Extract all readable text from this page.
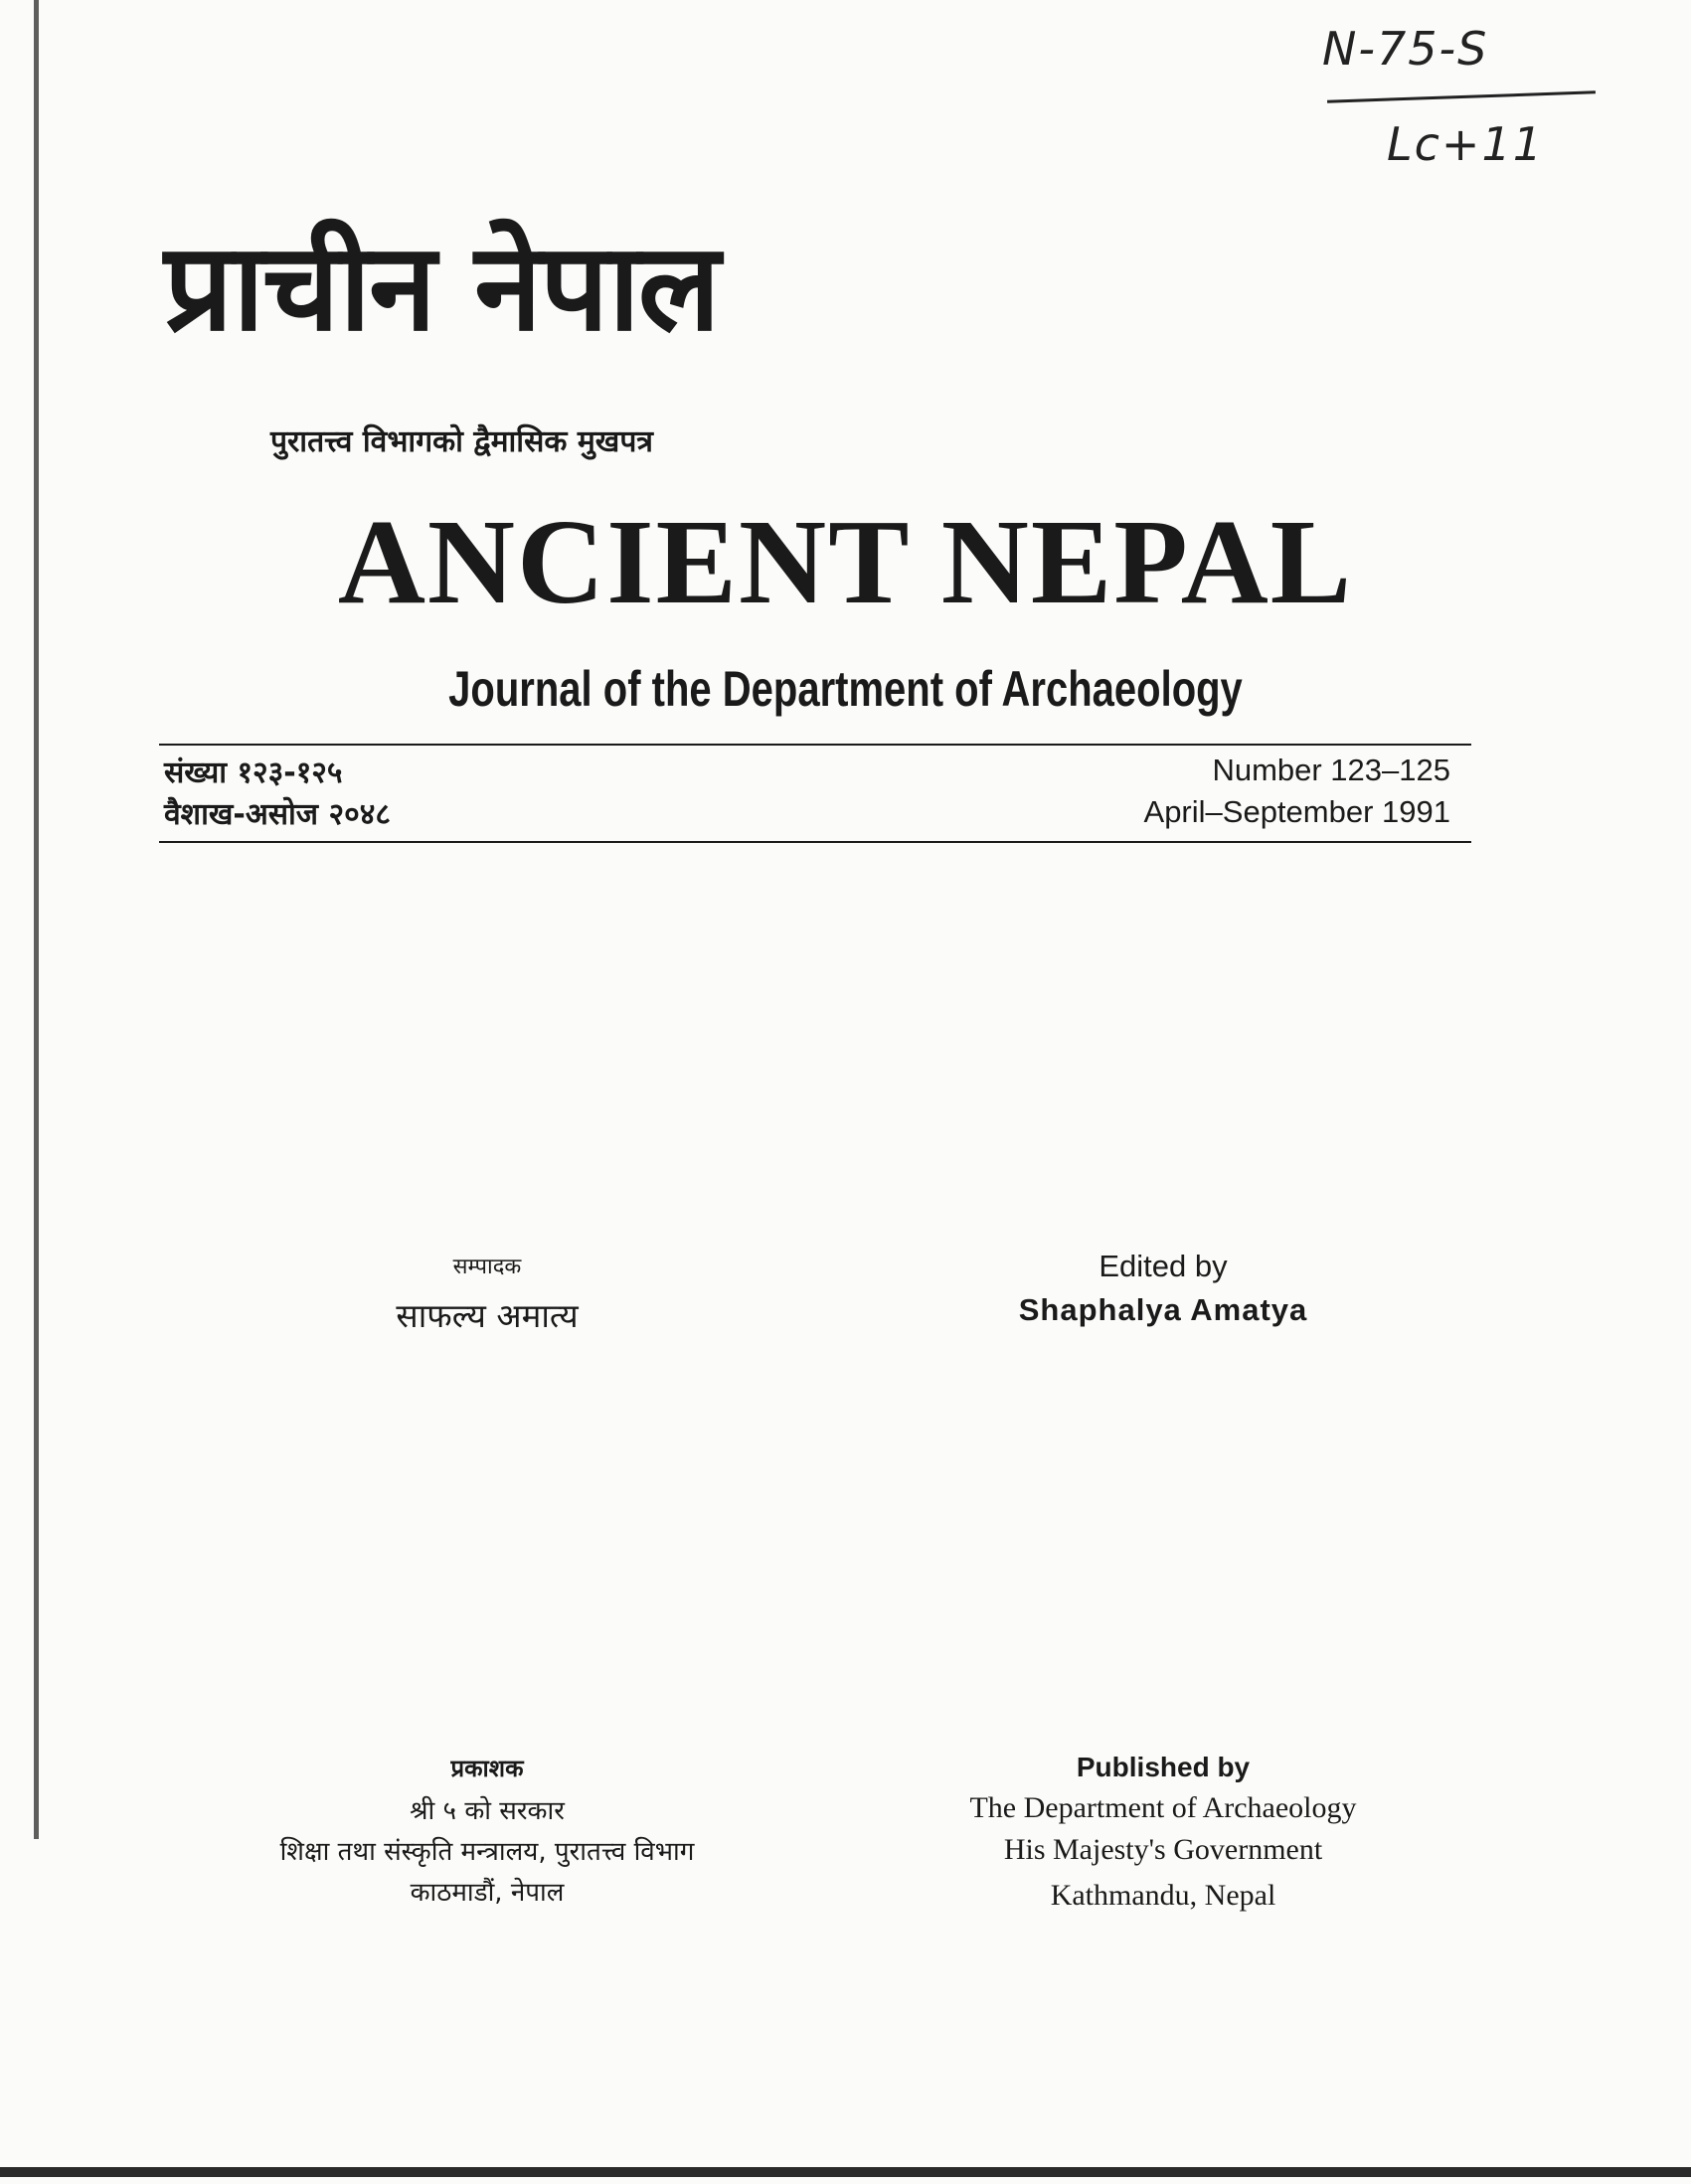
N-75-S
Lc+11
प्राचीन नेपाल
पुरातत्त्व विभागको द्वैमासिक मुखपत्र
ANCIENT NEPAL
Journal of the Department of Archaeology
संख्या १२३-१२५
वैशाख-असोज २०४८
Number 123–125
April–September 1991
सम्पादक
साफल्य अमात्य
Edited by
Shaphalya Amatya
प्रकाशक
श्री ५ को सरकार
शिक्षा तथा संस्कृति मन्त्रालय, पुरातत्त्व विभाग
काठमाडौं, नेपाल
Published by
The Department of Archaeology
His Majesty's Government
Kathmandu, Nepal
